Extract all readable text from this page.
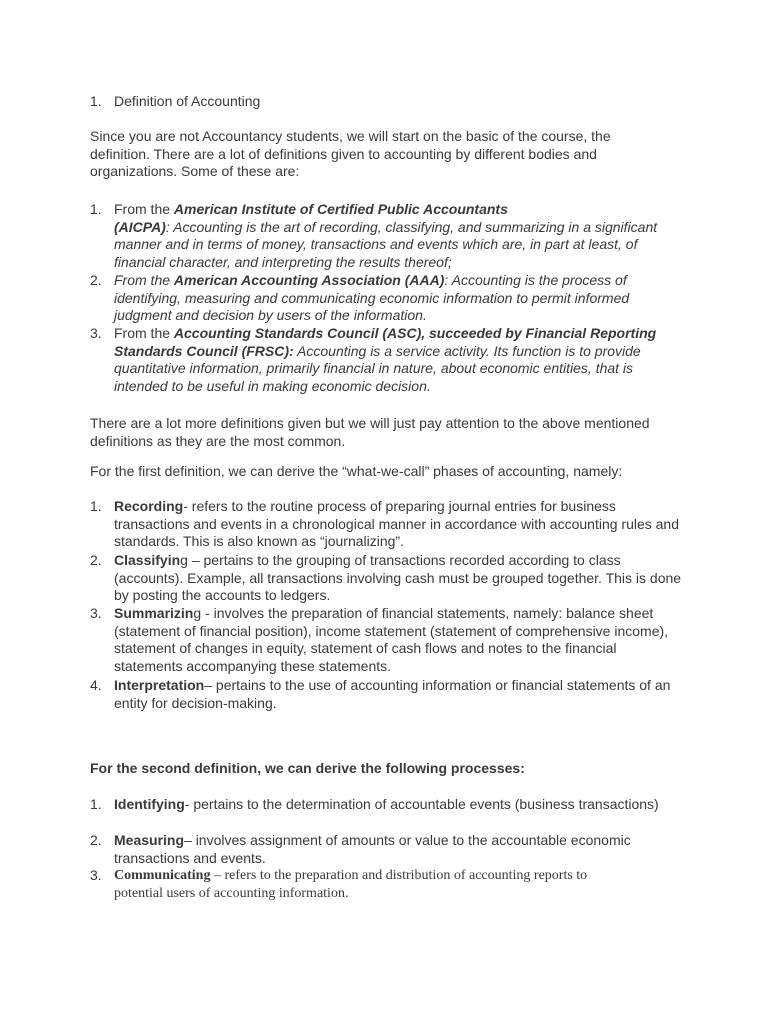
1. Definition of Accounting
Since you are not Accountancy students, we will start on the basic of the course, the definition. There are a lot of definitions given to accounting by different bodies and organizations. Some of these are:
1. From the American Institute of Certified Public Accountants
(AICPA): Accounting is the art of recording, classifying, and summarizing in a significant manner and in terms of money, transactions and events which are, in part at least, of financial character, and interpreting the results thereof;
2. From the American Accounting Association (AAA): Accounting is the process of identifying, measuring and communicating economic information to permit informed judgment and decision by users of the information.
3. From the Accounting Standards Council (ASC), succeeded by Financial Reporting Standards Council (FRSC): Accounting is a service activity. Its function is to provide quantitative information, primarily financial in nature, about economic entities, that is intended to be useful in making economic decision.
There are a lot more definitions given but we will just pay attention to the above mentioned definitions as they are the most common.
For the first definition, we can derive the “what-we-call” phases of accounting, namely:
1. Recording- refers to the routine process of preparing journal entries for business transactions and events in a chronological manner in accordance with accounting rules and standards. This is also known as “journalizing”.
2. Classifying – pertains to the grouping of transactions recorded according to class (accounts). Example, all transactions involving cash must be grouped together. This is done by posting the accounts to ledgers.
3. Summarizing - involves the preparation of financial statements, namely: balance sheet (statement of financial position), income statement (statement of comprehensive income), statement of changes in equity, statement of cash flows and notes to the financial statements accompanying these statements.
4. Interpretation– pertains to the use of accounting information or financial statements of an entity for decision-making.
For the second definition, we can derive the following processes:
1. Identifying- pertains to the determination of accountable events (business transactions)
2. Measuring– involves assignment of amounts or value to the accountable economic transactions and events.
3. Communicating – refers to the preparation and distribution of accounting reports to potential users of accounting information.
